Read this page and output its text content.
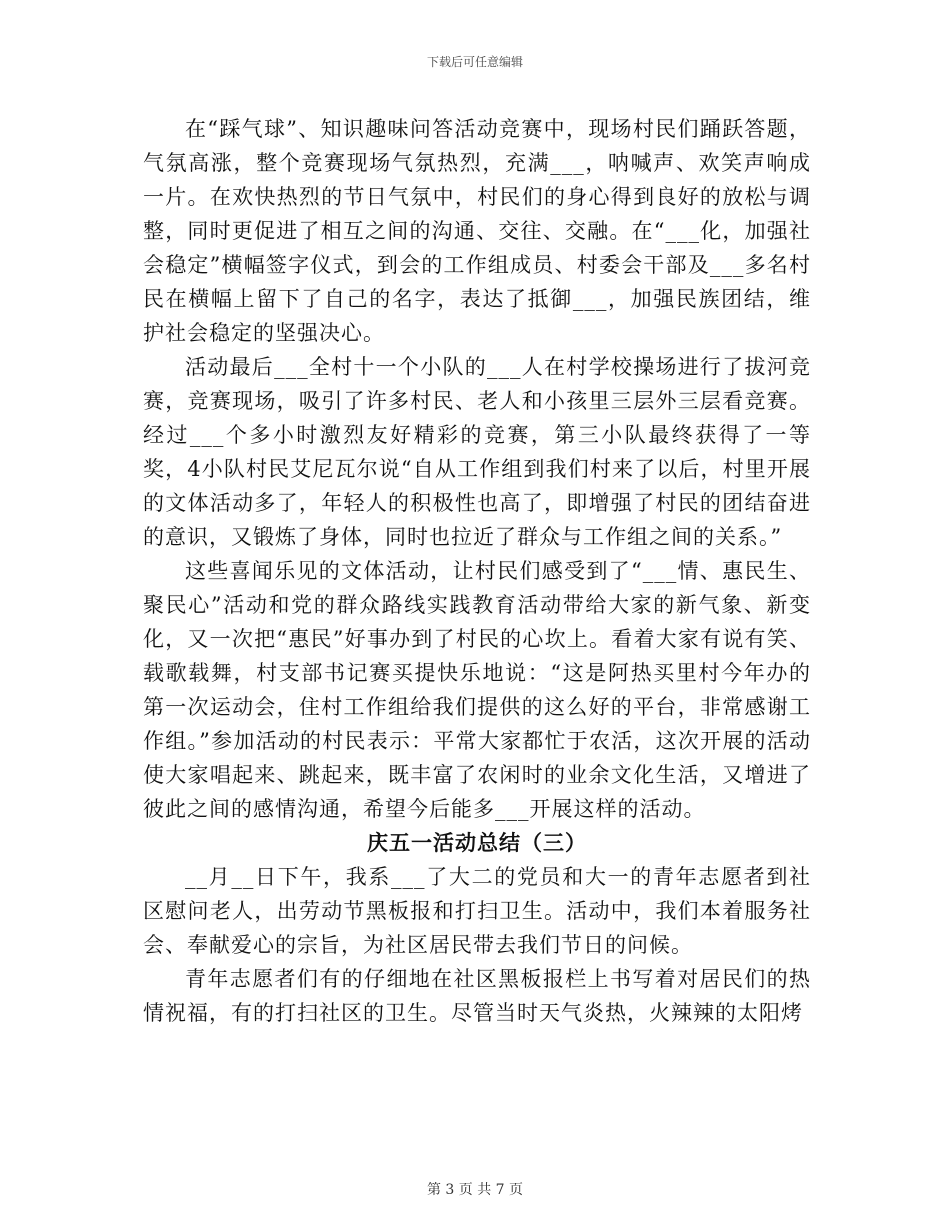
下载后可任意编辑

在“踩气球”、知识趣味问答活动竞赛中，现场村民们踊跃答题，气氛高涨，整个竞赛现场气氛热烈，充满___，呐喊声、欢笑声响成一片。在欢快热烈的节日气氛中，村民们的身心得到良好的放松与调整，同时更促进了相互之间的沟通、交往、交融。在“___化，加强社会稳定”横幅签字仪式，到会的工作组成员、村委会干部及___多名村民在横幅上留下了自己的名字，表达了抵御___，加强民族团结，维护社会稳定的坚强决心。

活动最后___全村十一个小队的___人在村学校操场进行了拔河竞赛，竞赛现场，吸引了许多村民、老人和小孩里三层外三层看竞赛。经过___个多小时激烈友好精彩的竞赛，第三小队最终获得了一等奖，4小队村民艾尼瓦尔说“自从工作组到我们村来了以后，村里开展的文体活动多了，年轻人的积极性也高了，即增强了村民的团结奋进的意识，又锻炼了身体，同时也拉近了群众与工作组之间的关系。”

这些喜闻乐见的文体活动，让村民们感受到了“___情、惠民生、聚民心”活动和党的群众路线实践教育活动带给大家的新气象、新变化，又一次把“惠民”好事办到了村民的心坎上。看着大家有说有笑、载歌载舞，村支部书记赛买提快乐地说：“这是阿热买里村今年办的第一次运动会，住村工作组给我们提供的这么好的平台，非常感谢工作组。”参加活动的村民表示：平常大家都忙于农活，这次开展的活动使大家唱起来、跳起来，既丰富了农闲时的业余文化生活，又增进了彼此之间的感情沟通，希望今后能多___开展这样的活动。

庆五一活动总结（三）

__月__日下午，我系___了大二的党员和大一的青年志愿者到社区慰问老人，出劳动节黑板报和打扫卫生。活动中，我们本着服务社会、奉献爱心的宗旨，为社区居民带去我们节日的问候。

青年志愿者们有的仔细地在社区黑板报栏上书写着对居民们的热情祝福，有的打扫社区的卫生。尽管当时天气炎热，火辣辣的太阳烤

第 3 页 共 7 页
